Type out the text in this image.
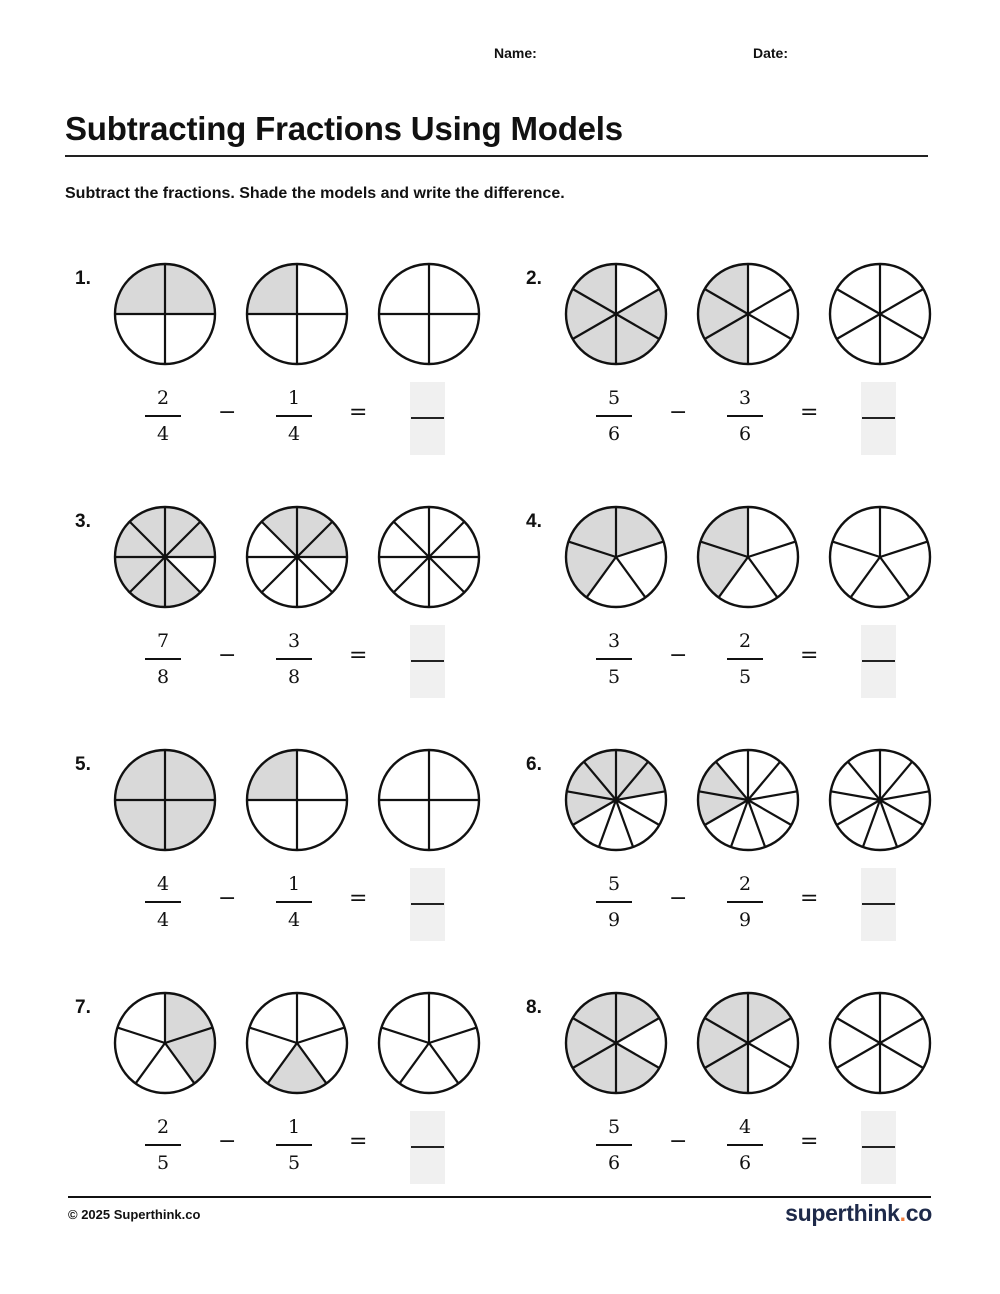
Name:	Date:
Subtracting Fractions Using Models

Subtract the fractions. Shade the models and write the difference.

1.
2
4
−
1
4
=
2.
5
6
−
3
6
=
3.
7
8
−
3
8
=
4.
3
5
−
2
5
=
5.
4
4
−
1
4
=
6.
5
9
−
2
9
=
7.
2
5
−
1
5
=
8.
5
6
−
4
6
=
© 2025 Superthink.co	superthink.co
